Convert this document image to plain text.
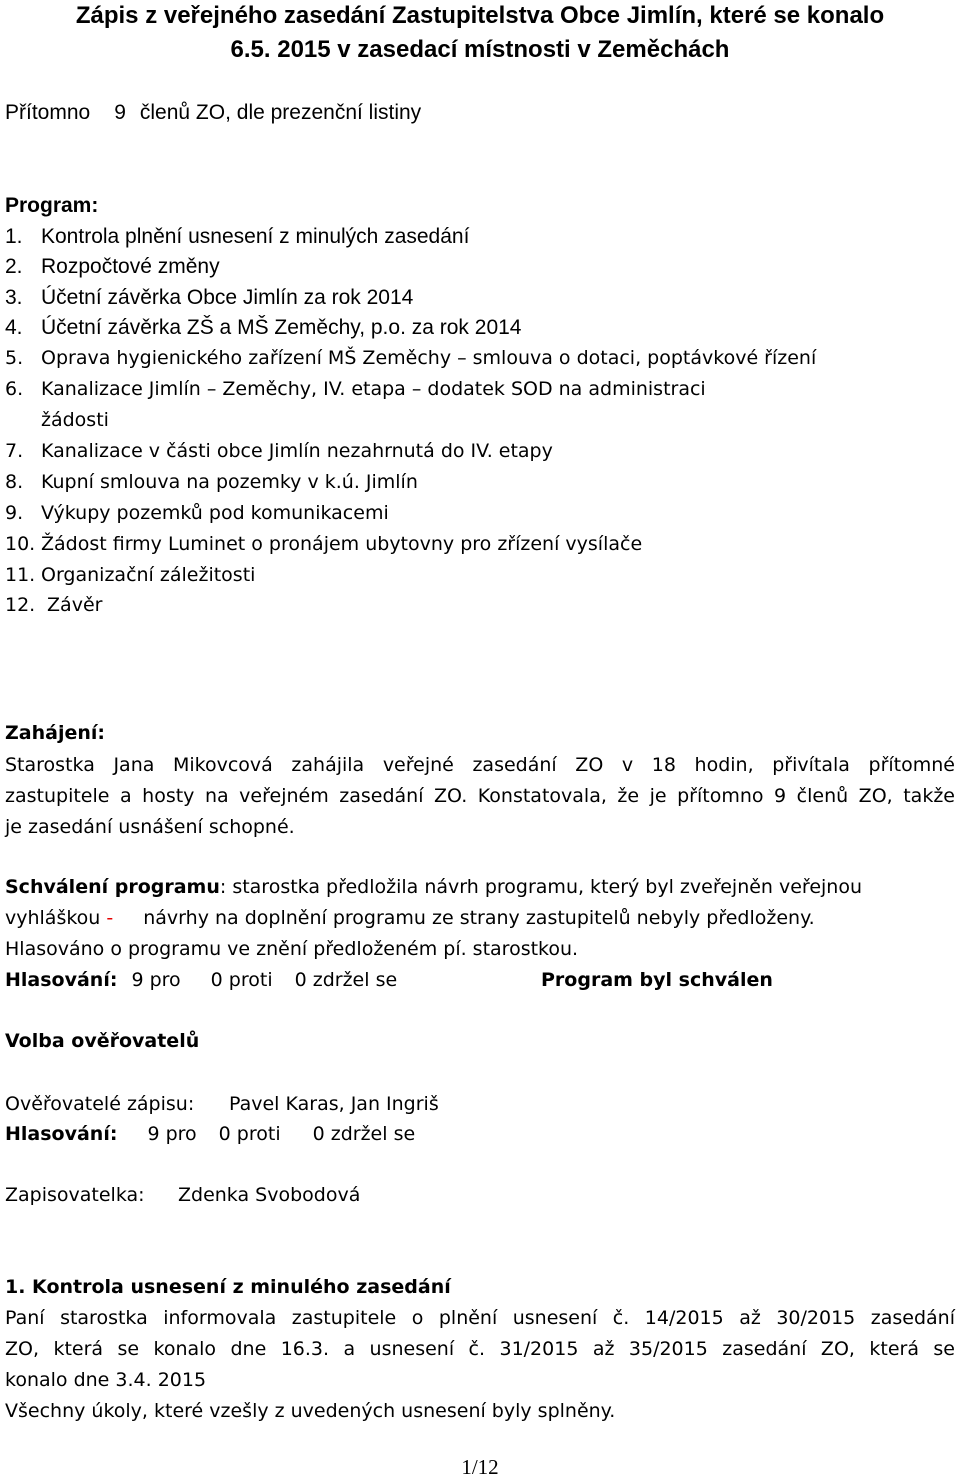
Zápis z veřejného zasedání Zastupitelstva Obce Jimlín, které se konalo
6.5. 2015 v zasedací místnosti v Zeměchách
Přítomno 9 členů ZO, dle prezenční listiny
Program:
1. Kontrola plnění usnesení z minulých zasedání
2. Rozpočtové změny
3. Účetní závěrka Obce Jimlín za rok 2014
4. Účetní závěrka ZŠ a MŠ Zeměchy, p.o. za rok 2014
5. Oprava hygienického zařízení MŠ Zeměchy – smlouva o dotaci, poptávkové řízení
6. Kanalizace Jimlín – Zeměchy, IV. etapa – dodatek SOD na administraci
žádosti
7. Kanalizace v části obce Jimlín nezahrnutá do IV. etapy
8. Kupní smlouva na pozemky v k.ú. Jimlín
9. Výkupy pozemků pod komunikacemi
10. Žádost firmy Luminet o pronájem ubytovny pro zřízení vysílače
11. Organizační záležitosti
12. Závěr
Zahájení:
Starostka Jana Mikovcová zahájila veřejné zasedání ZO v 18 hodin, přivítala přítomné
zastupitele a hosty na veřejném zasedání ZO. Konstatovala, že je přítomno 9 členů ZO, takže
je zasedání usnášení schopné.
Schválení programu: starostka předložila návrh programu, který byl zveřejněn veřejnou
vyhláškou - návrhy na doplnění programu ze strany zastupitelů nebyly předloženy.
Hlasováno o programu ve znění předloženém pí. starostkou.
Hlasování: 9 pro 0 proti 0 zdržel se	Program byl schválen
Volba ověřovatelů
Ověřovatelé zápisu: Pavel Karas, Jan Ingriš
Hlasování: 9 pro 0 proti 0 zdržel se
Zapisovatelka: Zdenka Svobodová
1. Kontrola usnesení z minulého zasedání
Paní starostka informovala zastupitele o plnění usnesení č. 14/2015 až 30/2015 zasedání
ZO, která se konalo dne 16.3. a usnesení č. 31/2015 až 35/2015 zasedání ZO, která se
konalo dne 3.4. 2015
Všechny úkoly, které vzešly z uvedených usnesení byly splněny.
1/12
